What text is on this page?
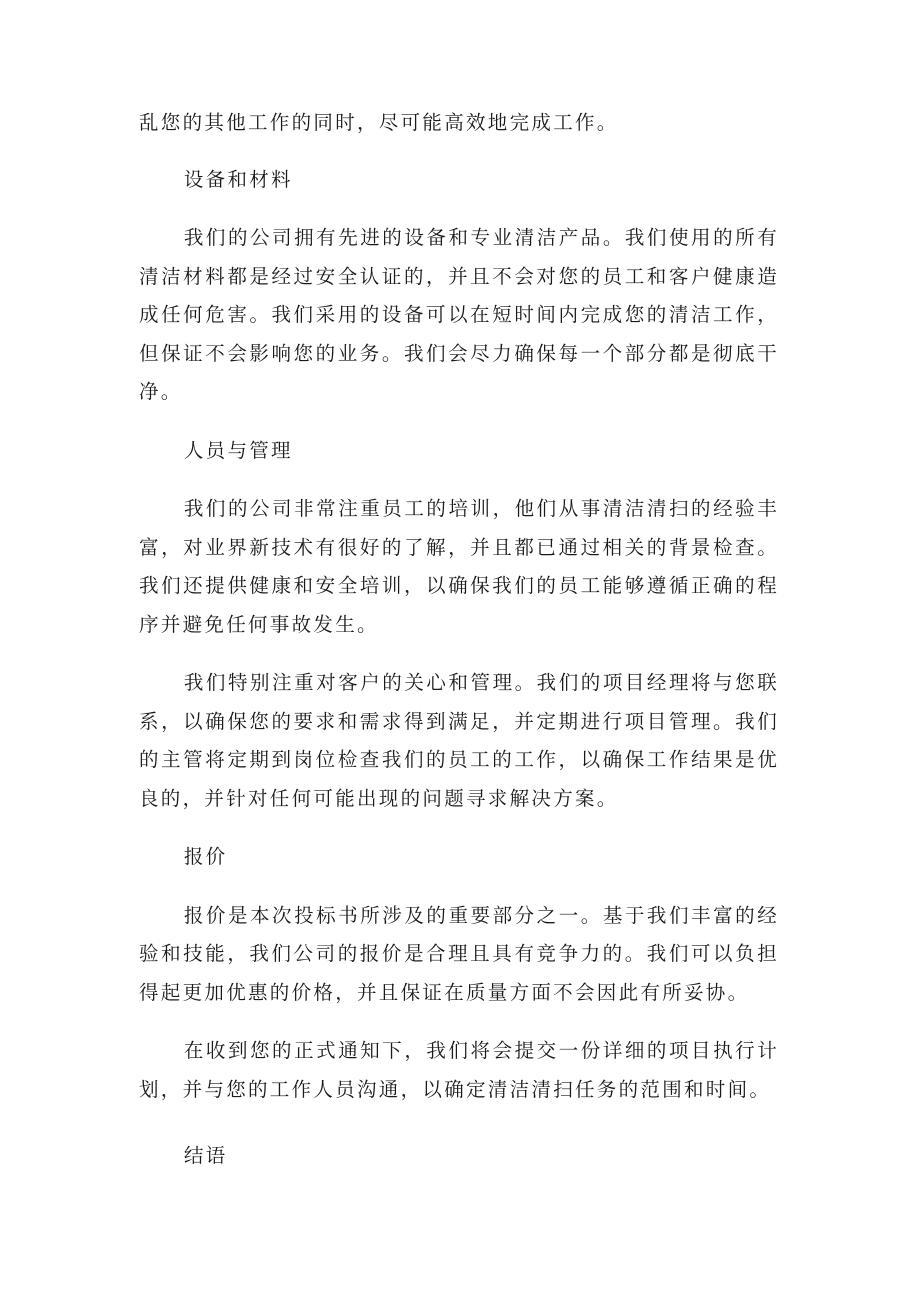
乱您的其他工作的同时，尽可能高效地完成工作。

设备和材料

我们的公司拥有先进的设备和专业清洁产品。我们使用的所有清洁材料都是经过安全认证的，并且不会对您的员工和客户健康造成任何危害。我们采用的设备可以在短时间内完成您的清洁工作，但保证不会影响您的业务。我们会尽力确保每一个部分都是彻底干净。

人员与管理

我们的公司非常注重员工的培训，他们从事清洁清扫的经验丰富，对业界新技术有很好的了解，并且都已通过相关的背景检查。我们还提供健康和安全培训，以确保我们的员工能够遵循正确的程序并避免任何事故发生。

我们特别注重对客户的关心和管理。我们的项目经理将与您联系，以确保您的要求和需求得到满足，并定期进行项目管理。我们的主管将定期到岗位检查我们的员工的工作，以确保工作结果是优良的，并针对任何可能出现的问题寻求解决方案。

报价

报价是本次投标书所涉及的重要部分之一。基于我们丰富的经验和技能，我们公司的报价是合理且具有竞争力的。我们可以负担得起更加优惠的价格，并且保证在质量方面不会因此有所妥协。

在收到您的正式通知下，我们将会提交一份详细的项目执行计划，并与您的工作人员沟通，以确定清洁清扫任务的范围和时间。

结语
